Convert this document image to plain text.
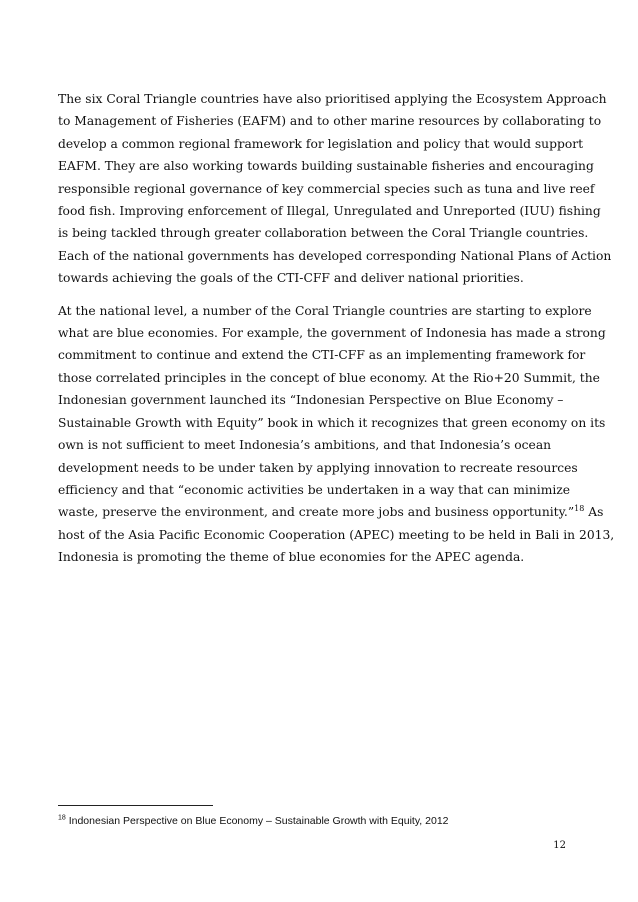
The six Coral Triangle countries have also prioritised applying the Ecosystem Approach
to Management of Fisheries (EAFM) and to other marine resources by collaborating to
develop a common regional framework for legislation and policy that would support
EAFM. They are also working towards building sustainable fisheries and encouraging
responsible regional governance of key commercial species such as tuna and live reef
food fish. Improving enforcement of Illegal, Unregulated and Unreported (IUU) fishing
is being tackled through greater collaboration between the Coral Triangle countries.
Each of the national governments has developed corresponding National Plans of Action
towards achieving the goals of the CTI-CFF and deliver national priorities.

At the national level, a number of the Coral Triangle countries are starting to explore
what are blue economies. For example, the government of Indonesia has made a strong
commitment to continue and extend the CTI-CFF as an implementing framework for
those correlated principles in the concept of blue economy. At the Rio+20 Summit, the
Indonesian government launched its “Indonesian Perspective on Blue Economy –
Sustainable Growth with Equity” book in which it recognizes that green economy on its
own is not sufficient to meet Indonesia’s ambitions, and that Indonesia’s ocean
development needs to be under taken by applying innovation to recreate resources
efficiency and that “economic activities be undertaken in a way that can minimize
waste, preserve the environment, and create more jobs and business opportunity.”$^{18}$ As
host of the Asia Pacific Economic Cooperation (APEC) meeting to be held in Bali in 2013,
Indonesia is promoting the theme of blue economies for the APEC agenda.

$^{18}$ Indonesian Perspective on Blue Economy – Sustainable Growth with Equity, 2012
12
